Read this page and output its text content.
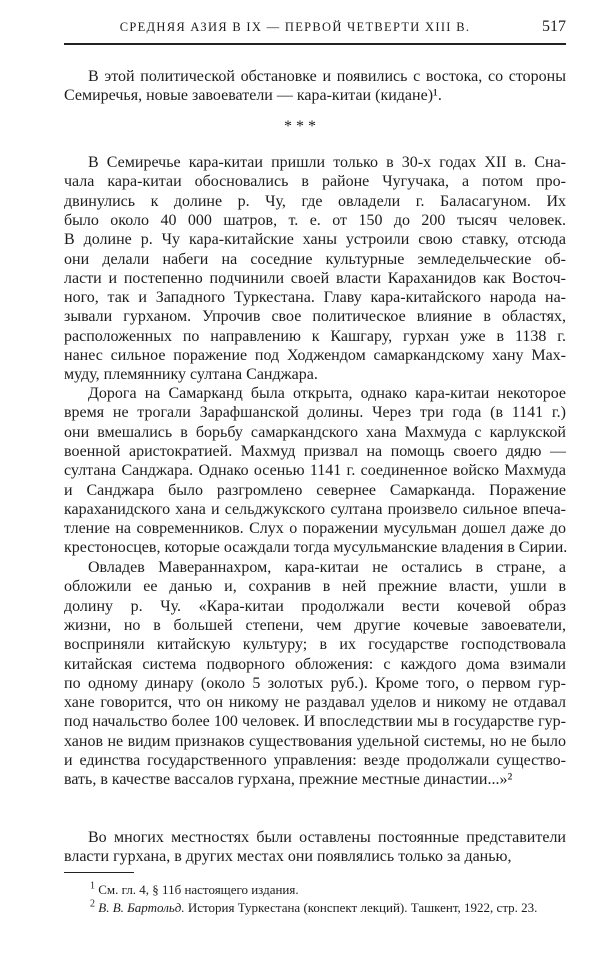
СРЕДНЯЯ АЗИЯ В IX — ПЕРВОЙ ЧЕТВЕРТИ XIII В.	517
* * *
В этой политической обстановке и появились с востока, со стороны
Семиречья, новые завоеватели — кара-китаи (кидане)¹.
В Семиречье кара-китаи пришли только в 30-х годах XII в. Сна-
чала кара-китаи обосновались в районе Чугучака, а потом про-
двинулись к долине р. Чу, где овладели г. Баласагуном. Их
было около 40 000 шатров, т. е. от 150 до 200 тысяч человек.
В долине р. Чу кара-китайские ханы устроили свою ставку, отсюда
они делали набеги на соседние культурные земледельческие об-
ласти и постепенно подчинили своей власти Караханидов как Восточ-
ного, так и Западного Туркестана. Главу кара-китайского народа на-
зывали гурханом. Упрочив свое политическое влияние в областях,
расположенных по направлению к Кашгару, гурхан уже в 1138 г.
нанес сильное поражение под Ходжендом самаркандскому хану Мах-
муду, племяннику султана Санджара.
Дорога на Самарканд была открыта, однако кара-китаи некоторое
время не трогали Зарафшанской долины. Через три года (в 1141 г.)
они вмешались в борьбу самаркандского хана Махмуда с карлукской
военной аристократией. Махмуд призвал на помощь своего дядю —
султана Санджара. Однако осенью 1141 г. соединенное войско Махмуда
и Санджара было разгромлено севернее Самарканда. Поражение
караханидского хана и сельджукского султана произвело сильное впеча-
тление на современников. Слух о поражении мусульман дошел даже до
крестоносцев, которые осаждали тогда мусульманские владения в Сирии.
Овладев Мавераннахром, кара-китаи не остались в стране, а
обложили ее данью и, сохранив в ней прежние власти, ушли в
долину р. Чу. «Кара-китаи продолжали вести кочевой образ
жизни, но в большей степени, чем другие кочевые завоеватели,
восприняли китайскую культуру; в их государстве господствовала
китайская система подворного обложения: с каждого дома взимали
по одному динару (около 5 золотых руб.). Кроме того, о первом гур-
хане говорится, что он никому не раздавал уделов и никому не отдавал
под начальство более 100 человек. И впоследствии мы в государстве гур-
ханов не видим признаков существования удельной системы, но не было
и единства государственного управления: везде продолжали существо-
вать, в качестве вассалов гурхана, прежние местные династии...»²
Во многих местностях были оставлены постоянные представители
власти гурхана, в других местах они появлялись только за данью,
$^1$ См. гл. 4, § 11б настоящего издания.
$^2$ В. В. Бартольд. История Туркестана (конспект лекций). Ташкент, 1922, стр. 23.
